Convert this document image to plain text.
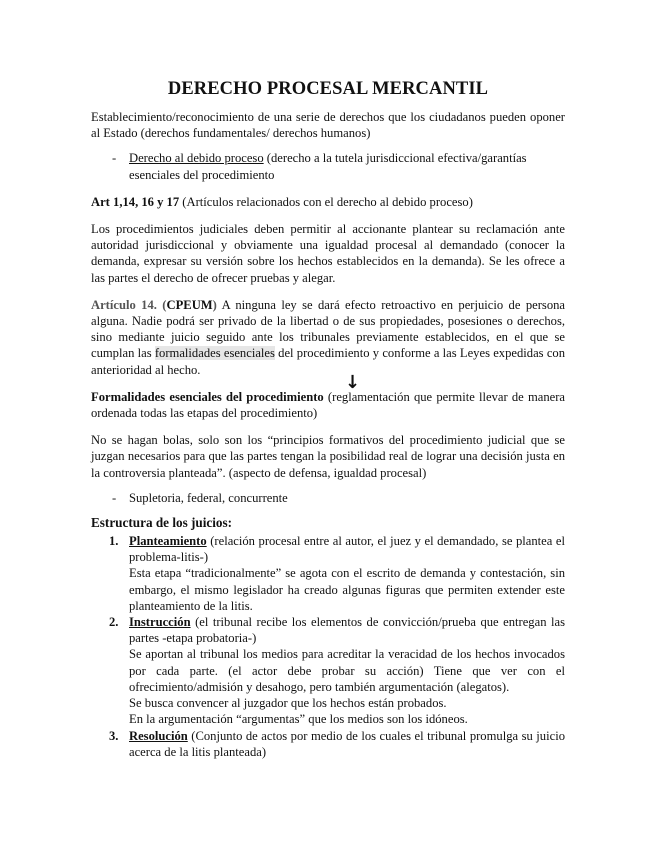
DERECHO PROCESAL MERCANTIL

Establecimiento/reconocimiento de una serie de derechos que los ciudadanos pueden oponer al Estado (derechos fundamentales/ derechos humanos)

- Derecho al debido proceso (derecho a la tutela jurisdiccional efectiva/garantías esenciales del procedimiento

Art 1,14, 16 y 17 (Artículos relacionados con el derecho al debido proceso)

Los procedimientos judiciales deben permitir al accionante plantear su reclamación ante autoridad jurisdiccional y obviamente una igualdad procesal al demandado (conocer la demanda, expresar su versión sobre los hechos establecidos en la demanda). Se les ofrece a las partes el derecho de ofrecer pruebas y alegar.

Artículo 14. (CPEUM) A ninguna ley se dará efecto retroactivo en perjuicio de persona alguna. Nadie podrá ser privado de la libertad o de sus propiedades, posesiones o derechos, sino mediante juicio seguido ante los tribunales previamente establecidos, en el que se cumplan las formalidades esenciales del procedimiento y conforme a las Leyes expedidas con anterioridad al hecho.

↓

Formalidades esenciales del procedimiento (reglamentación que permite llevar de manera ordenada todas las etapas del procedimiento)

No se hagan bolas, solo son los “principios formativos del procedimiento judicial que se juzgan necesarios para que las partes tengan la posibilidad real de lograr una decisión justa en la controversia planteada”. (aspecto de defensa, igualdad procesal)

- Supletoria, federal, concurrente
Estructura de los juicios:
1. Planteamiento (relación procesal entre al autor, el juez y el demandado, se plantea el problema-litis-)

Esta etapa “tradicionalmente” se agota con el escrito de demanda y contestación, sin embargo, el mismo legislador ha creado algunas figuras que permiten extender este planteamiento de la litis.

2. Instrucción (el tribunal recibe los elementos de convicción/prueba que entregan las partes -etapa probatoria-)

Se aportan al tribunal los medios para acreditar la veracidad de los hechos invocados por cada parte. (el actor debe probar su acción) Tiene que ver con el ofrecimiento/admisión y desahogo, pero también argumentación (alegatos).

Se busca convencer al juzgador que los hechos están probados.

En la argumentación “argumentas” que los medios son los idóneos.

3. Resolución (Conjunto de actos por medio de los cuales el tribunal promulga su juicio acerca de la litis planteada)
